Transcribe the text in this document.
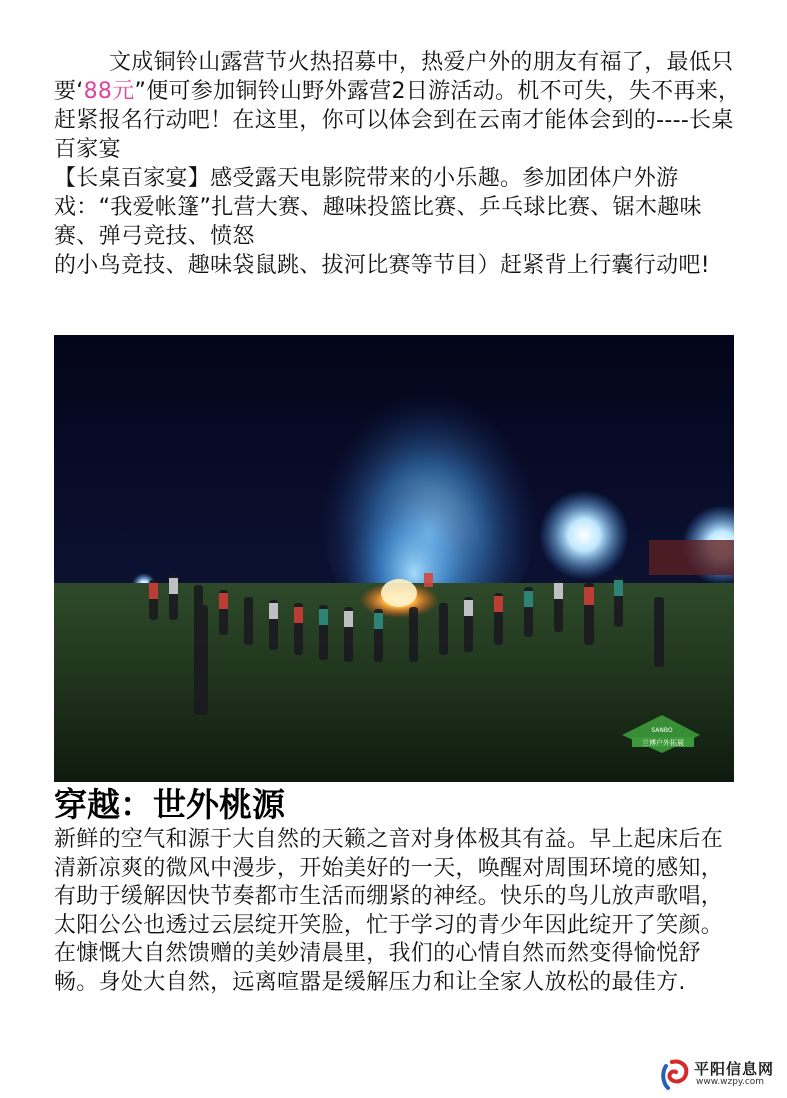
文成铜铃山露营节火热招募中，热爱户外的朋友有福了，最低只要‘88元”便可参加铜铃山野外露营2日游活动。机不可失，失不再来，赶紧报名行动吧！在这里，你可以体会到在云南才能体会到的----长桌百家宴

【长桌百家宴】感受露天电影院带来的小乐趣。参加团体户外游戏：“我爱帐篷”扎营大赛、趣味投篮比赛、乒乓球比赛、锯木趣味赛、弹弓竞技、愤怒

的小鸟竞技、趣味袋鼠跳、拔河比赛等节目）赶紧背上行囊行动吧!

SANBO
兰博户外拓展
穿越：世外桃源

新鲜的空气和源于大自然的天籁之音对身体极其有益。早上起床后在清新凉爽的微风中漫步，开始美好的一天，唤醒对周围环境的感知，有助于缓解因快节奏都市生活而绷紧的神经。快乐的鸟儿放声歌唱，太阳公公也透过云层绽开笑脸，忙于学习的青少年因此绽开了笑颜。在慷慨大自然馈赠的美妙清晨里，我们的心情自然而然变得愉悦舒畅。身处大自然，远离喧嚣是缓解压力和让全家人放松的最佳方.

平阳信息网
www.wzpy.com
